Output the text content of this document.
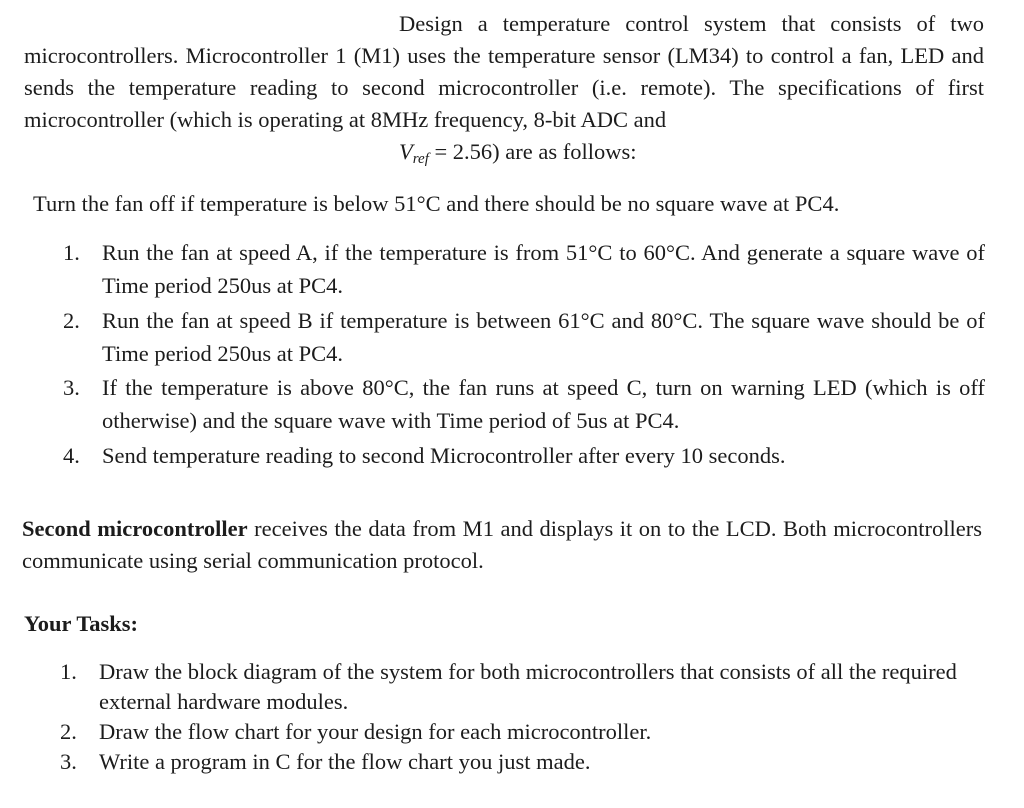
Design a temperature control system that consists of two microcontrollers. Microcontroller 1 (M1) uses the temperature sensor (LM34) to control a fan, LED and sends the temperature reading to second microcontroller (i.e. remote). The specifications of first microcontroller (which is operating at 8MHz frequency, 8-bit ADC and
$V_{ref} = 2.56$) are as follows:

Turn the fan off if temperature is below 51°C and there should be no square wave at PC4.

1. Run the fan at speed A, if the temperature is from 51°C to 60°C. And generate a square wave of Time period 250us at PC4.
2. Run the fan at speed B if temperature is between 61°C and 80°C. The square wave should be of Time period 250us at PC4.
3. If the temperature is above 80°C, the fan runs at speed C, turn on warning LED (which is off otherwise) and the square wave with Time period of 5us at PC4.
4. Send temperature reading to second Microcontroller after every 10 seconds.

Second microcontroller receives the data from M1 and displays it on to the LCD. Both microcontrollers communicate using serial communication protocol.

Your Tasks:
1. Draw the block diagram of the system for both microcontrollers that consists of all the required external hardware modules.
2. Draw the flow chart for your design for each microcontroller.
3. Write a program in C for the flow chart you just made.
